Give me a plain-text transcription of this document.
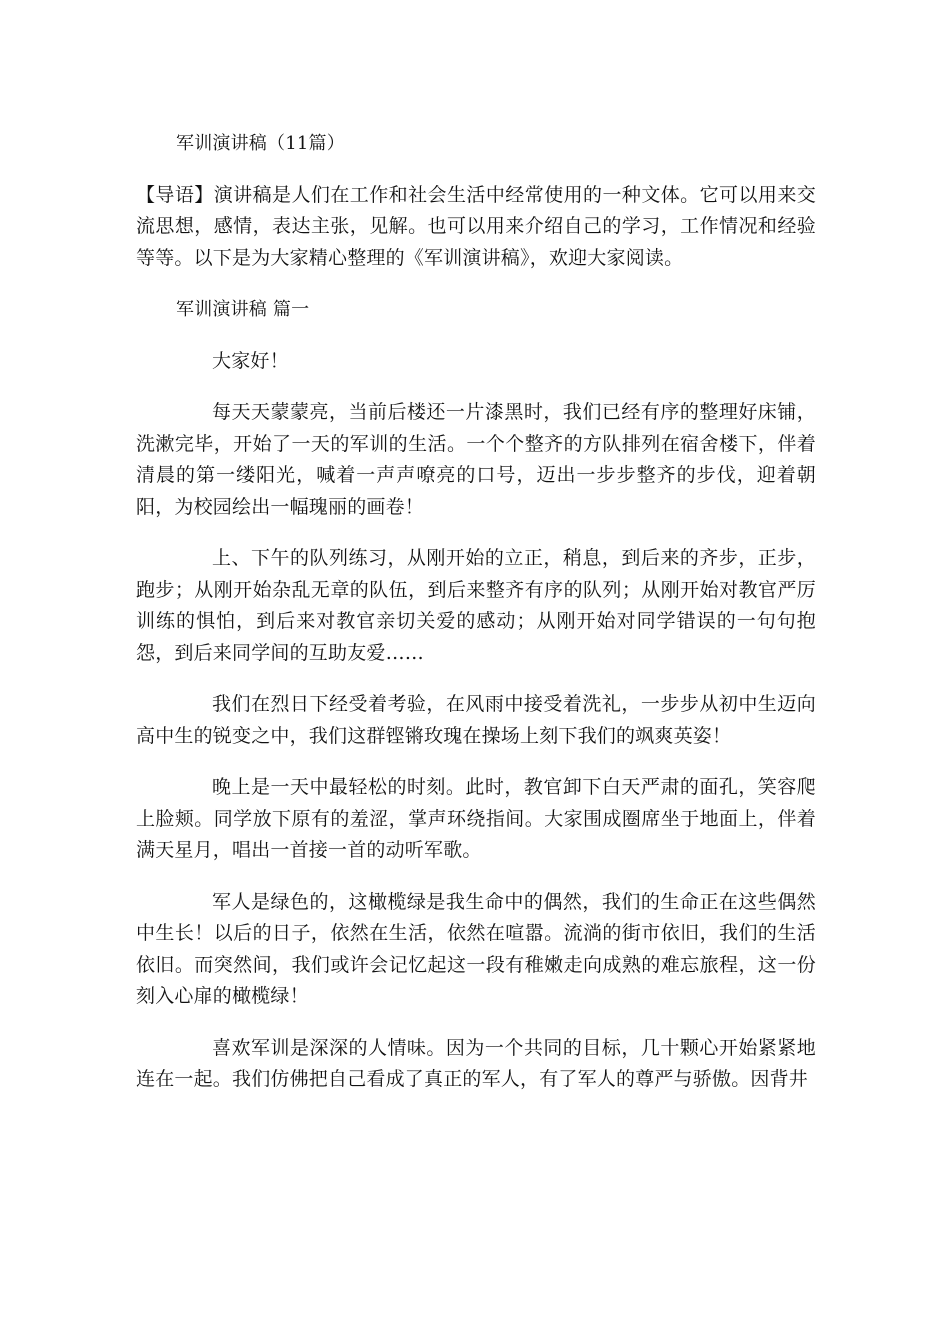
军训演讲稿（11篇）

【导语】演讲稿是人们在工作和社会生活中经常使用的一种文体。它可以用来交流思想，感情，表达主张，见解。也可以用来介绍自己的学习，工作情况和经验等等。以下是为大家精心整理的《军训演讲稿》，欢迎大家阅读。

军训演讲稿 篇一

大家好！

每天天蒙蒙亮，当前后楼还一片漆黑时，我们已经有序的整理好床铺，洗漱完毕，开始了一天的军训的生活。一个个整齐的方队排列在宿舍楼下，伴着清晨的第一缕阳光，喊着一声声嘹亮的口号，迈出一步步整齐的步伐，迎着朝阳，为校园绘出一幅瑰丽的画卷！

上、下午的队列练习，从刚开始的立正，稍息，到后来的齐步，正步，跑步；从刚开始杂乱无章的队伍，到后来整齐有序的队列；从刚开始对教官严厉训练的惧怕，到后来对教官亲切关爱的感动；从刚开始对同学错误的一句句抱怨，到后来同学间的互助友爱……

我们在烈日下经受着考验，在风雨中接受着洗礼，一步步从初中生迈向高中生的锐变之中，我们这群铿锵玫瑰在操场上刻下我们的飒爽英姿！

晚上是一天中最轻松的时刻。此时，教官卸下白天严肃的面孔，笑容爬上脸颊。同学放下原有的羞涩，掌声环绕指间。大家围成圈席坐于地面上，伴着满天星月，唱出一首接一首的动听军歌。

军人是绿色的，这橄榄绿是我生命中的偶然，我们的生命正在这些偶然中生长！以后的日子，依然在生活，依然在喧嚣。流淌的街市依旧，我们的生活依旧。而突然间，我们或许会记忆起这一段有稚嫩走向成熟的难忘旅程，这一份刻入心扉的橄榄绿！

喜欢军训是深深的人情味。因为一个共同的目标，几十颗心开始紧紧地连在一起。我们仿佛把自己看成了真正的军人，有了军人的尊严与骄傲。因背井
